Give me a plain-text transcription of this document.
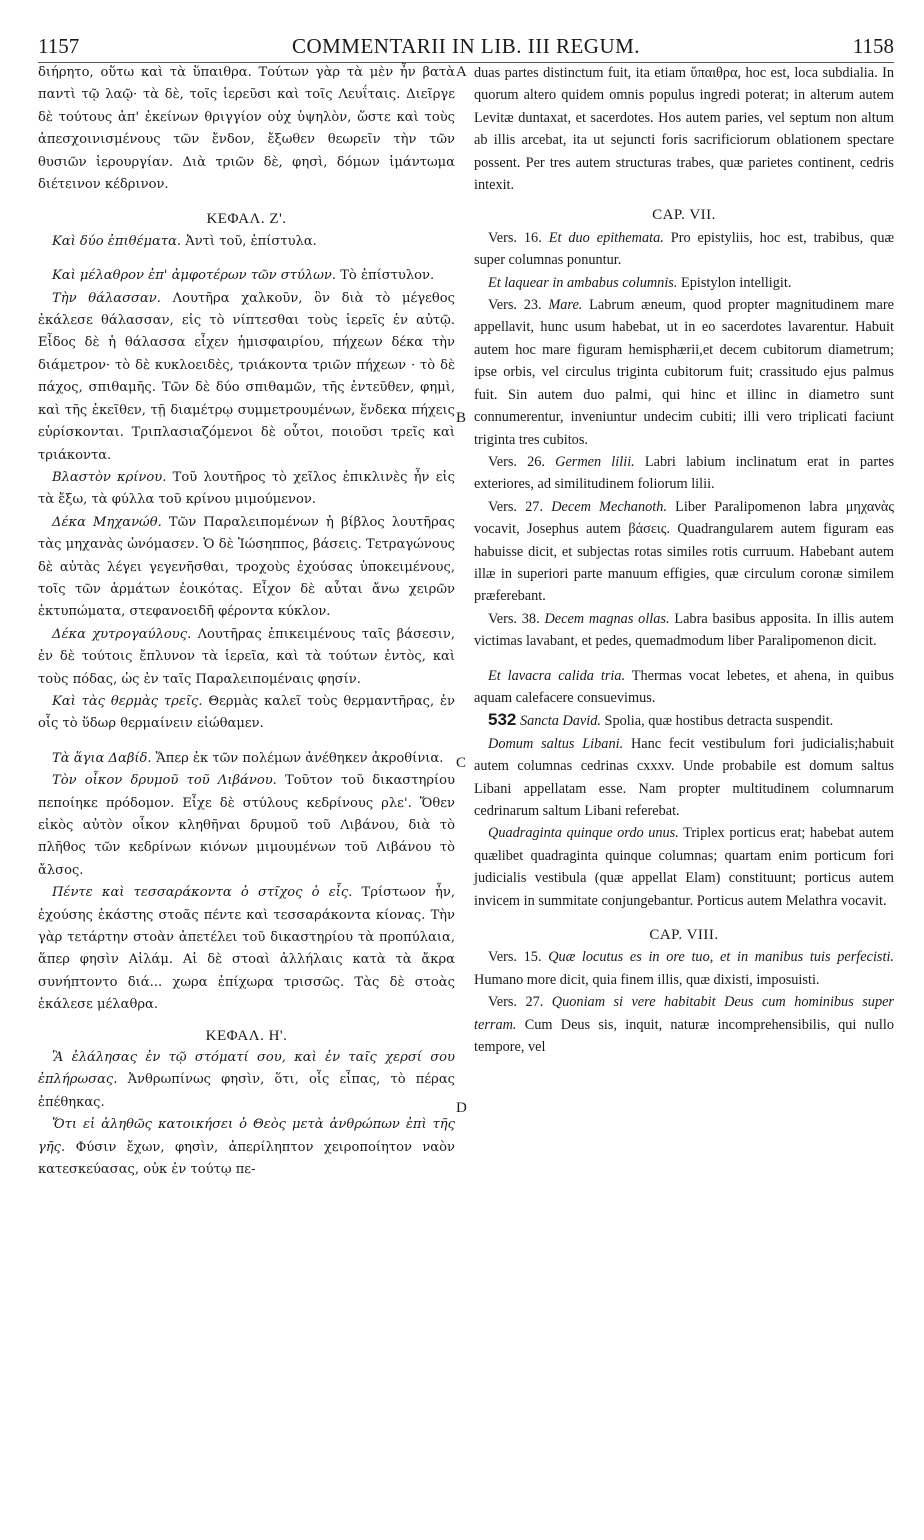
1157	COMMENTARII IN LIB. III REGUM.	1158
A
B
C
D

διήρητο, οὕτω καὶ τὰ ὕπαιθρα. Τούτων γὰρ τὰ μὲν ἦν βατὰ παντὶ τῷ λαῷ· τὰ δὲ, τοῖς ἱερεῦσι καὶ τοῖς Λευΐταις. Διεῖργε δὲ τούτους ἀπ' ἐκείνων θριγγίον οὐχ ὑψηλὸν, ὥστε καὶ τοὺς ἀπεσχοινισμένους τῶν ἔνδον, ἔξωθεν θεωρεῖν τὴν τῶν θυσιῶν ἱερουργίαν. Διὰ τριῶν δὲ, φησὶ, δόμων ἱμάντωμα διέτεινον κέδρινον.

ΚΕΦΑΛ. Ζ'.

Καὶ δύο ἐπιθέματα. Ἀντὶ τοῦ, ἐπίστυλα.

Καὶ μέλαθρον ἐπ' ἀμφοτέρων τῶν στύλων. Τὸ ἐπίστυλον.

Τὴν θάλασσαν. Λουτῆρα χαλκοῦν, ὃν διὰ τὸ μέγεθος ἐκάλεσε θάλασσαν, εἰς τὸ νίπτεσθαι τοὺς ἱερεῖς ἐν αὐτῷ. Εἶδος δὲ ἡ θάλασσα εἶχεν ἡμισφαιρίου, πήχεων δέκα τὴν διάμετρον· τὸ δὲ κυκλοειδὲς, τριάκοντα τριῶν πήχεων · τὸ δὲ πάχος, σπιθαμῆς. Τῶν δὲ δύο σπιθαμῶν, τῆς ἐντεῦθεν, φημὶ, καὶ τῆς ἐκεῖθεν, τῇ διαμέτρῳ συμμετρουμένων, ἕνδεκα πήχεις εὑρίσκονται. Τριπλασιαζόμενοι δὲ οὗτοι, ποιοῦσι τρεῖς καὶ τριάκοντα.

Βλαστὸν κρίνου. Τοῦ λουτῆρος τὸ χεῖλος ἐπικλινὲς ἦν εἰς τὰ ἔξω, τὰ φύλλα τοῦ κρίνου μιμούμενον.

Δέκα Μηχανώθ. Τῶν Παραλειπομένων ἡ βίβλος λουτῆρας τὰς μηχανὰς ὠνόμασεν. Ὁ δὲ Ἰώσηππος, βάσεις. Τετραγώνους δὲ αὐτὰς λέγει γεγενῆσθαι, τροχοὺς ἐχούσας ὑποκειμένους, τοῖς τῶν ἁρμάτων ἐοικότας. Εἶχον δὲ αὗται ἄνω χειρῶν ἐκτυπώματα, στεφανοειδῆ φέροντα κύκλον.

Δέκα χυτρογαύλους. Λουτῆρας ἐπικειμένους ταῖς βάσεσιν, ἐν δὲ τούτοις ἔπλυνον τὰ ἱερεῖα, καὶ τὰ τούτων ἐντὸς, καὶ τοὺς πόδας, ὡς ἐν ταῖς Παραλειπομέναις φησίν.

Καὶ τὰς θερμὰς τρεῖς. Θερμὰς καλεῖ τοὺς θερμαντῆρας, ἐν οἷς τὸ ὕδωρ θερμαίνειν εἰώθαμεν.

Τὰ ἅγια Δαβίδ. Ἅπερ ἐκ τῶν πολέμων ἀνέθηκεν ἀκροθίνια.

Τὸν οἶκον δρυμοῦ τοῦ Λιβάνου. Τοῦτον τοῦ δικαστηρίου πεποίηκε πρόδομον. Εἶχε δὲ στύλους κεδρίνους ρλε'. Ὅθεν εἰκὸς αὐτὸν οἶκον κληθῆναι δρυμοῦ τοῦ Λιβάνου, διὰ τὸ πλῆθος τῶν κεδρίνων κιόνων μιμουμένων τοῦ Λιβάνου τὸ ἄλσος.

Πέντε καὶ τεσσαράκοντα ὁ στῖχος ὁ εἷς. Τρίστωον ἦν, ἐχούσης ἑκάστης στοᾶς πέντε καὶ τεσσαράκοντα κίονας. Τὴν γὰρ τετάρτην στοὰν ἀπετέλει τοῦ δικαστηρίου τὰ προπύλαια, ἅπερ φησὶν Αἰλάμ. Αἱ δὲ στοαὶ ἀλλήλαις κατὰ τὰ ἄκρα συνήπτοντο διά... χωρα ἐπίχωρα τρισσῶς. Τὰς δὲ στοὰς ἐκάλεσε μέλαθρα.

ΚΕΦΑΛ. Η'.

Ἃ ἐλάλησας ἐν τῷ στόματί σου, καὶ ἐν ταῖς χερσί σου ἐπλήρωσας. Ἀνθρωπίνως φησὶν, ὅτι, οἷς εἶπας, τὸ πέρας ἐπέθηκας.

Ὅτι εἰ ἀληθῶς κατοικήσει ὁ Θεὸς μετὰ ἀνθρώπων ἐπὶ τῆς γῆς. Φύσιν ἔχων, φησὶν, ἀπερίληπτον χειροποίητον ναὸν κατεσκεύασας, οὐκ ἐν τούτῳ πε-

duas partes distinctum fuit, ita etiam ὕπαιθρα, hoc est, loca subdialia. In quorum altero quidem omnis populus ingredi poterat; in alterum autem Levitæ duntaxat, et sacerdotes. Hos autem paries, vel septum non altum ab illis arcebat, ita ut sejuncti foris sacrificiorum oblationem spectare possent. Per tres autem structuras trabes, quæ parietes continent, cedris intexit.

CAP. VII.

Vers. 16. Et duo epithemata. Pro epistyliis, hoc est, trabibus, quæ super columnas ponuntur.

Et laquear in ambabus columnis. Epistylon intelligit.

Vers. 23. Mare. Labrum æneum, quod propter magnitudinem mare appellavit, hunc usum habebat, ut in eo sacerdotes lavarentur. Habuit autem hoc mare figuram hemisphærii,et decem cubitorum diametrum; ipse orbis, vel circulus triginta cubitorum fuit; crassitudo ejus palmus fuit. Sin autem duo palmi, qui hinc et illinc in diametro sunt connumerentur, inveniuntur undecim cubiti; illi vero triplicati faciunt triginta tres cubitos.

Vers. 26. Germen lilii. Labri labium inclinatum erat in partes exteriores, ad similitudinem foliorum lilii.

Vers. 27. Decem Mechanoth. Liber Paralipomenon labra μηχανὰς vocavit, Josephus autem βάσεις. Quadrangularem autem figuram eas habuisse dicit, et subjectas rotas similes rotis curruum. Habebant autem illæ in superiori parte manuum effigies, quæ circulum coronæ similem præferebant.

Vers. 38. Decem magnas ollas. Labra basibus apposita. In illis autem victimas lavabant, et pedes, quemadmodum liber Paralipomenon dicit.

Et lavacra calida tria. Thermas vocat lebetes, et ahena, in quibus aquam calefacere consuevimus.

532 Sancta David. Spolia, quæ hostibus detracta suspendit.

Domum saltus Libani. Hanc fecit vestibulum fori judicialis;habuit autem columnas cedrinas cxxxv. Unde probabile est domum saltus Libani appellatam esse. Nam propter multitudinem columnarum cedrinarum saltum Libani referebat.

Quadraginta quinque ordo unus. Triplex porticus erat; habebat autem quælibet quadraginta quinque columnas; quartam enim porticum fori judicialis vestibula (quæ appellat Elam) constituunt; porticus autem invicem in summitate conjungebantur. Porticus autem Melathra vocavit.

CAP. VIII.

Vers. 15. Quæ locutus es in ore tuo, et in manibus tuis perfecisti. Humano more dicit, quia finem illis, quæ dixisti, imposuisti.

Vers. 27. Quoniam si vere habitabit Deus cum hominibus super terram. Cum Deus sis, inquit, naturæ incomprehensibilis, qui nullo tempore, vel
